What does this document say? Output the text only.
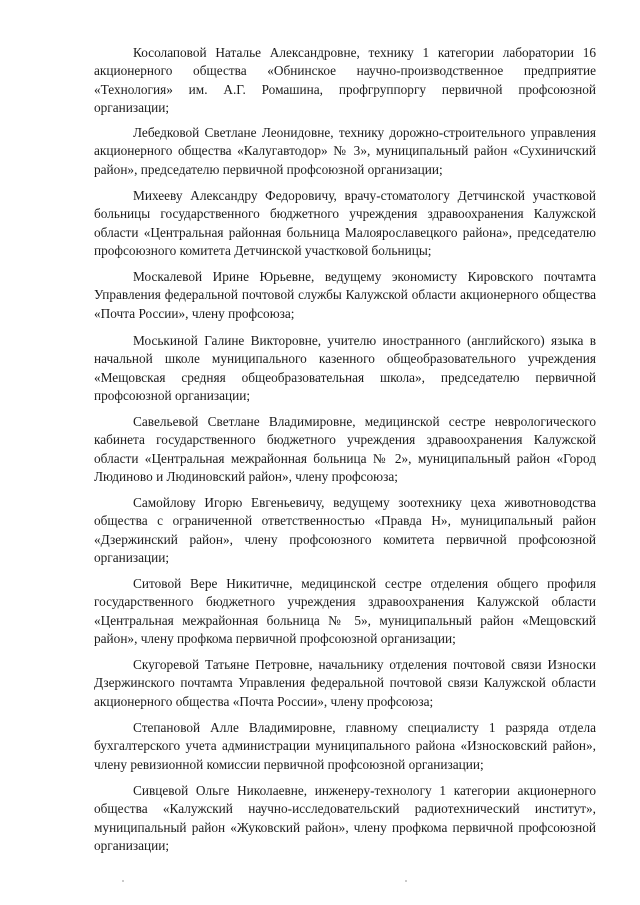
Косолаповой Наталье Александровне, технику 1 категории лаборатории 16 акционерного общества «Обнинское научно-производственное предприятие «Технология» им. А.Г. Ромашина, профгруппоргу первичной профсоюзной организации;

Лебедковой Светлане Леонидовне, технику дорожно-строительного управления акционерного общества «Калугавтодор» № 3», муниципальный район «Сухиничский район», председателю первичной профсоюзной организации;

Михееву Александру Федоровичу, врачу-стоматологу Детчинской участковой больницы государственного бюджетного учреждения здравоохранения Калужской области «Центральная районная больница Малоярославецкого района», председателю профсоюзного комитета Детчинской участковой больницы;

Москалевой Ирине Юрьевне, ведущему экономисту Кировского почтамта Управления федеральной почтовой службы Калужской области акционерного общества «Почта России», члену профсоюза;

Моськиной Галине Викторовне, учителю иностранного (английского) языка в начальной школе муниципального казенного общеобразовательного учреждения «Мещовская средняя общеобразовательная школа», председателю первичной профсоюзной организации;

Савельевой Светлане Владимировне, медицинской сестре неврологического кабинета государственного бюджетного учреждения здравоохранения Калужской области «Центральная межрайонная больница № 2», муниципальный район «Город Людиново и Людиновский район», члену профсоюза;

Самойлову Игорю Евгеньевичу, ведущему зоотехнику цеха животноводства общества с ограниченной ответственностью «Правда Н», муниципальный район «Дзержинский район», члену профсоюзного комитета первичной профсоюзной организации;

Ситовой Вере Никитичне, медицинской сестре отделения общего профиля государственного бюджетного учреждения здравоохранения Калужской области «Центральная межрайонная больница № 5», муниципальный район «Мещовский район», члену профкома первичной профсоюзной организации;

Скугоревой Татьяне Петровне, начальнику отделения почтовой связи Износки Дзержинского почтамта Управления федеральной почтовой связи Калужской области акционерного общества «Почта России», члену профсоюза;

Степановой Алле Владимировне, главному специалисту 1 разряда отдела бухгалтерского учета администрации муниципального района «Износковский район», члену ревизионной комиссии первичной профсоюзной организации;

Сивцевой Ольге Николаевне, инженеру-технологу 1 категории акционерного общества «Калужский научно-исследовательский радиотехнический институт», муниципальный район «Жуковский район», члену профкома первичной профсоюзной организации;
